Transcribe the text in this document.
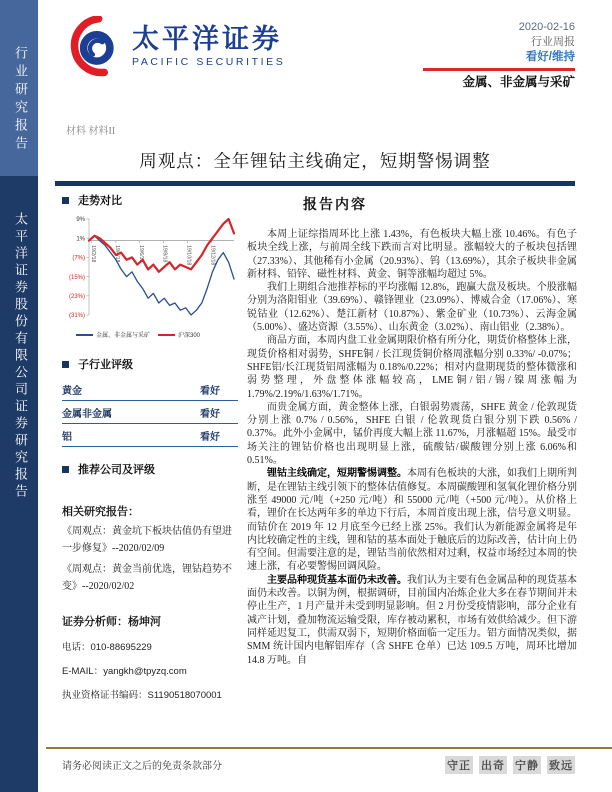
行业研究报告
太平洋证券股份有限公司证券研究报告
太平洋证券
PACIFIC SECURITIES
2020-02-16
行业周报
看好/维持
金属、非金属与采矿
材料 材料II
周观点：全年锂钴主线确定，短期警惕调整
走势对比
9%
1%
(7%)
(15%)
(23%)
(31%)
19/2/18	19/4/18	19/6/18	19/8/18	19/10/18	19/12/18
金属、非金属与采矿	沪深300
子行业评级
黄金	看好
金属非金属	看好
铝	看好
推荐公司及评级
相关研究报告：
《周观点：黄金坑下板块估值仍有望进一步修复》--2020/02/09
《周观点：黄金当前优选，锂钴趋势不变》--2020/02/02
证券分析师：杨坤河
电话：010-88695229
E-MAIL：yangkh@tpyzq.com
执业资格证书编码：S1190518070001
报告内容

本周上证综指周环比上涨 1.43%，有色板块大幅上涨 10.46%。有色子板块全线上涨，与前周全线下跌而言对比明显。涨幅较大的子板块包括锂（27.33%）、其他稀有小金属（20.93%）、钨（13.69%），其余子板块非金属新材料、铅锌、磁性材料、黄金、铜等涨幅均超过 5%。

我们上期组合池推荐标的平均涨幅 12.8%，跑赢大盘及板块。个股涨幅分别为洛阳钼业（39.69%）、赣锋锂业（23.09%）、博威合金（17.06%）、寒锐钴业（12.62%）、楚江新材（10.87%）、紫金矿业（10.73%）、云海金属（5.00%）、盛达资源（3.55%）、山东黄金（3.02%）、南山铝业（2.38%）。

商品方面，本周内盘工业金属期限价格有所分化，期货价格整体上涨，现货价格相对弱势，SHFE铜 / 长江现货铜价格周涨幅分别 0.33%/ -0.07%；SHFE铝/长江现货铝周涨幅为 0.18%/0.22%；相对内盘期现货的整体微涨和弱势整理，外盘整体涨幅较高，LME铜/铝/锡/镍周涨幅为 1.79%/2.19%/1.63%/1.71%。

而贵金属方面，黄金整体上涨，白银弱势震荡，SHFE 黄金 / 伦敦现货分别上涨 0.7% / 0.56%，SHFE 白银 / 伦敦现货白银分别下跌 0.56% / 0.37%。此外小金属中，锰价再度大幅上涨 11.67%，月涨幅超 15%。最受市场关注的锂钴价格也出现明显上涨，硫酸钴/碳酸锂分别上涨 6.06%和 0.51%。

锂钴主线确定，短期警惕调整。本周有色板块的大涨，如我们上期所判断，是在锂钴主线引领下的整体估值修复。本周碳酸锂和氢氧化锂价格分别涨至 49000 元/吨（+250 元/吨）和 55000 元/吨（+500 元/吨）。从价格上看，锂价在长达两年多的单边下行后，本周首度出现上涨，信号意义明显。而钴价在 2019 年 12 月底至今已经上涨 25%。我们认为新能源金属将是年内比较确定性的主线，锂和钴的基本面处于触底后的边际改善，估计向上仍有空间。但需要注意的是，锂钴当前依然相对过剩，权益市场经过本周的快速上涨，有必要警惕回调风险。

主要品种现货基本面仍未改善。我们认为主要有色金属品种的现货基本面仍未改善。以铜为例，根据调研，目前国内冶炼企业大多在春节期间并未停止生产，1 月产量并未受到明显影响。但 2 月份受疫情影响，部分企业有减产计划，叠加物流运输受限，库存被动累积，市场有效供给减少。但下游同样延迟复工，供需双弱下，短期价格面临一定压力。铝方面情况类似，据 SMM 统计国内电解铝库存（含 SHFE 仓单）已达 109.5 万吨，周环比增加 14.8 万吨。自

请务必阅读正文之后的免责条款部分	守正 出奇 宁静 致远
